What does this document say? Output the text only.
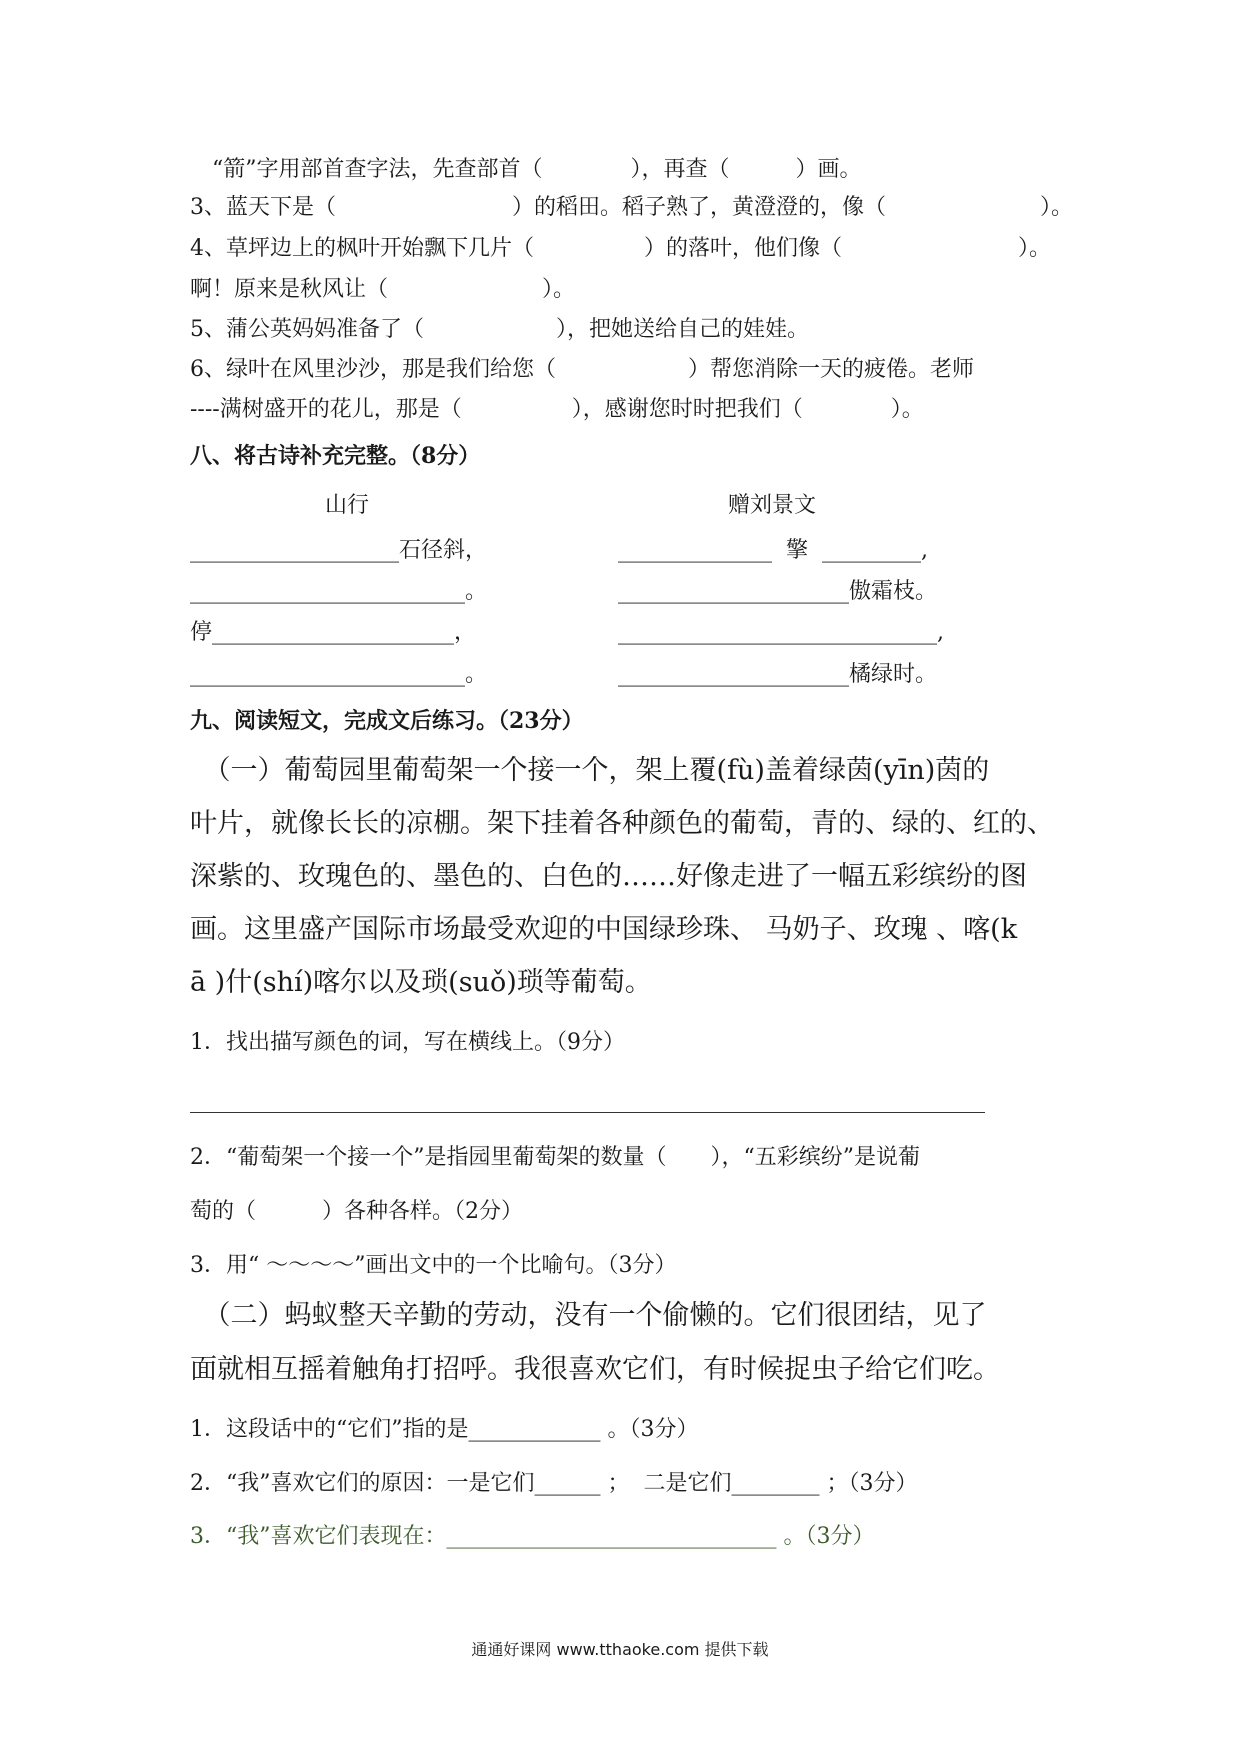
“箭”字用部首查字法，先查部首（　　　　），再查（　　　）画。
3、蓝天下是（　　　　　　　　）的稻田。稻子熟了，黄澄澄的，像（　　　　　　　）。
4、草坪边上的枫叶开始飘下几片（　　　　　）的落叶，他们像（　　　　　　　　）。
啊！原来是秋风让（　　　　　　　）。
5、蒲公英妈妈准备了（　　　　　　），把她送给自己的娃娃。
6、绿叶在风里沙沙，那是我们给您（　　　　　　）帮您消除一天的疲倦。老师
----满树盛开的花儿，那是（　　　　　），感谢您时时把我们（　　　　）。
八、将古诗补充完整。（8分）
山行	赠刘景文
___________________石径斜，
_________________________。
停______________________，
_________________________。
______________  擎  _________,
_____________________傲霜枝。
_____________________________,
_____________________橘绿时。
九、阅读短文，完成文后练习。（23分）
　（一）葡萄园里葡萄架一个接一个，架上覆(fù)盖着绿茵(yīn)茵的
叶片，就像长长的凉棚。架下挂着各种颜色的葡萄，青的、绿的、红的、
深紫的、玫瑰色的、墨色的、白色的……好像走进了一幅五彩缤纷的图
画。这里盛产国际市场最受欢迎的中国绿珍珠、 马奶子、玫瑰 、喀(k
ā )什(shí)喀尔以及琐(suǒ)琐等葡萄。
1．找出描写颜色的词，写在横线上。（9分）
2．“葡萄架一个接一个”是指园里葡萄架的数量（　　），“五彩缤纷”是说葡
萄的（　　　）各种各样。（2分）
3．用“ ～～～～”画出文中的一个比喻句。（3分）
　（二）蚂蚁整天辛勤的劳动，没有一个偷懒的。它们很团结，见了
面就相互摇着触角打招呼。我很喜欢它们，有时候捉虫子给它们吃。
1．这段话中的“它们”指的是____________ 。（3分）
2．“我”喜欢它们的原因：一是它们______ ；  二是它们________ ；（3分）
3．“我”喜欢它们表现在：______________________________ 。（3分）
通通好课网 www.tthaoke.com 提供下载
